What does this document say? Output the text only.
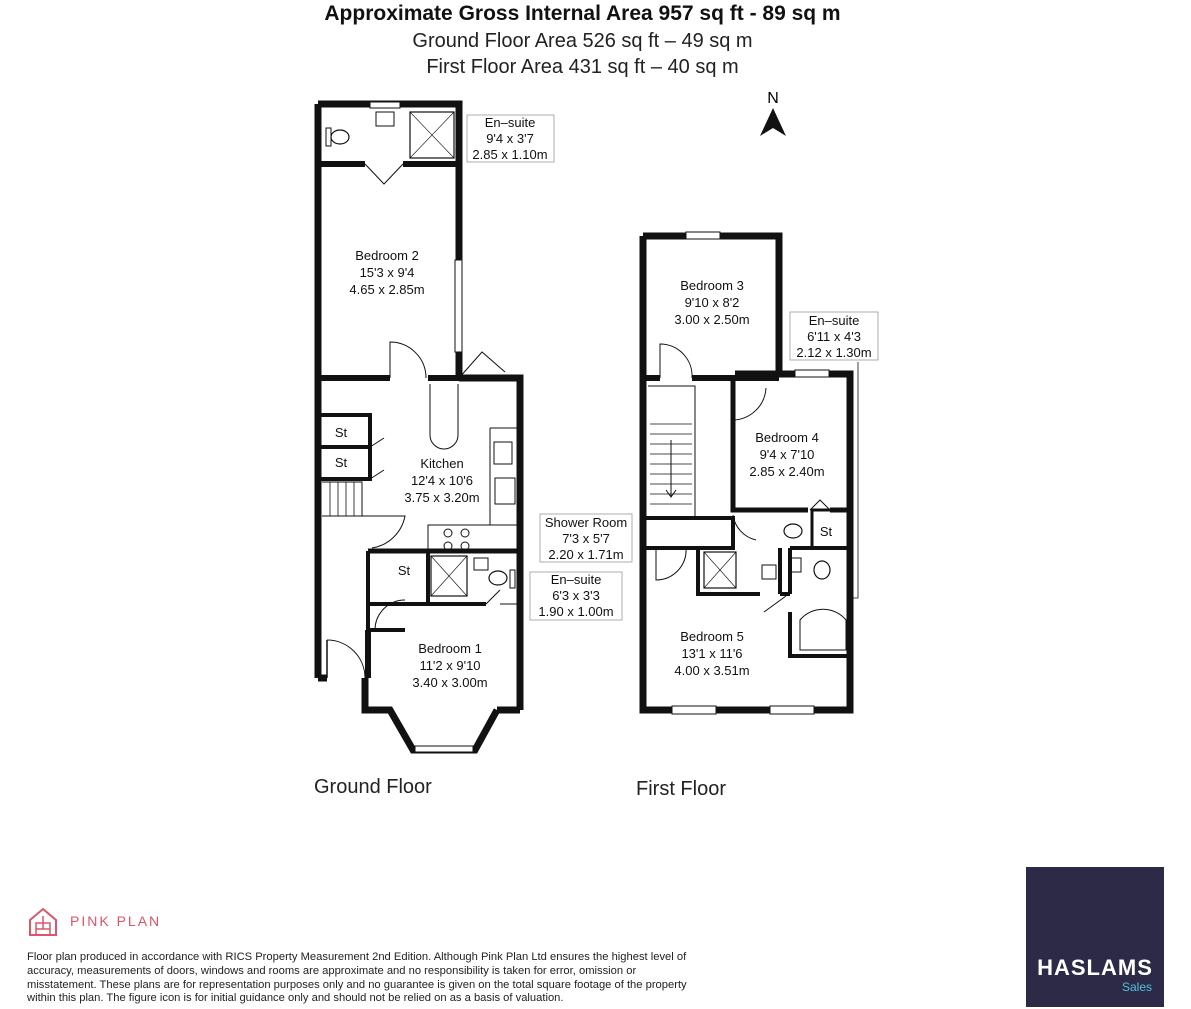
Approximate Gross Internal Area 957 sq ft - 89 sq m
Ground Floor Area 526 sq ft – 49 sq m
First Floor Area 431 sq ft – 40 sq m
N
Ground Floor	First Floor
En–suite
9'4 x 3'7
2.85 x 1.10m
Bedroom 2
15'3 x 9'4
4.65 x 2.85m
St
St	Kitchen
12'4 x 10'6
3.75 x 3.20m
St
En–suite
6'3 x 3'3
1.90 x 1.00m
Bedroom 1
11'2 x 9'10
3.40 x 3.00m
Shower Room
7'3 x 5'7
2.20 x 1.71m
Bedroom 3
9'10 x 8'2
3.00 x 2.50m	En–suite
6'11 x 4'3
2.12 x 1.30m
Bedroom 4
9'4 x 7'10
2.85 x 2.40m
St
Bedroom 5
13'1 x 11'6
4.00 x 3.51m
PINK PLAN
Floor plan produced in accordance with RICS Property Measurement 2nd Edition. Although Pink Plan Ltd ensures the highest level of accuracy, measurements of doors, windows and rooms are approximate and no responsibility is taken for error, omission or misstatement. These plans are for representation purposes only and no guarantee is given on the total square footage of the property within this plan. The figure icon is for initial guidance only and should not be relied on as a basis of valuation.
HASLAMS
Sales
